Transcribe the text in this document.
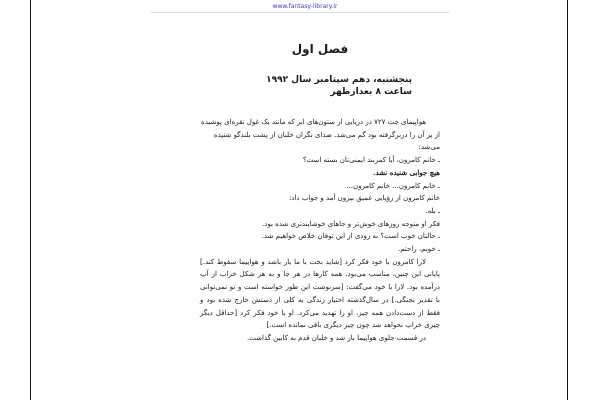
www.fantasy-library.ir
فصل اول
پنجشنبه، دهم سپتامبر سال ۱۹۹۲
ساعت ۸ بعدازظهر

هواپیمای جت ۷۲۷ در دریایی از ستون‌های ابر که مانند یک غول نقره‌ای پوشیده از پر آن را دربرگرفته بود گم می‌شد. صدای نگران خلبان از پشت بلندگو شنیده می‌شد:

ـ خانم کامرون، آیا کمربند ایمنی‌تان بسته است؟

هیچ جوابی شنیده نشد.

ـ خانم کامرون... خانم کامرون...

خانم کامرون از رؤیایی عمیق بیرون آمد و جواب داد:

ـ بله.

فکر او متوجه روزهای خوش‌تر و جاهای خوشایندتری شده بود.

ـ حالتان خوب است؟ به زودی از این توفان خلاص خواهیم شد.

ـ خوبم، راحتم.

لارا کامرون با خود فکر کرد [شاید بخت با ما یار باشد و هواپیما سقوط کند.] پایانی این چنین، مناسب می‌بود. همه کارها در هر جا و به هر شکل خراب از آب درآمده بود. لارا با خود می‌گفت: [سرنوشت این طور خواسته است و تو نمی‌توانی با تقدیر بجنگی.] در سال‌گذشته اختیار زندگی به کلی از دستش خارج شده بود و فقط از دست‌دادن همه چیز، او را تهدید می‌کرد. او با خود فکر کرد [حداقل دیگر چیزی خراب نخواهد شد چون چیز دیگری باقی نمانده است.]

در قسمت جلوی هواپیما باز شد و خلبان قدم به کابین گذاشت.
